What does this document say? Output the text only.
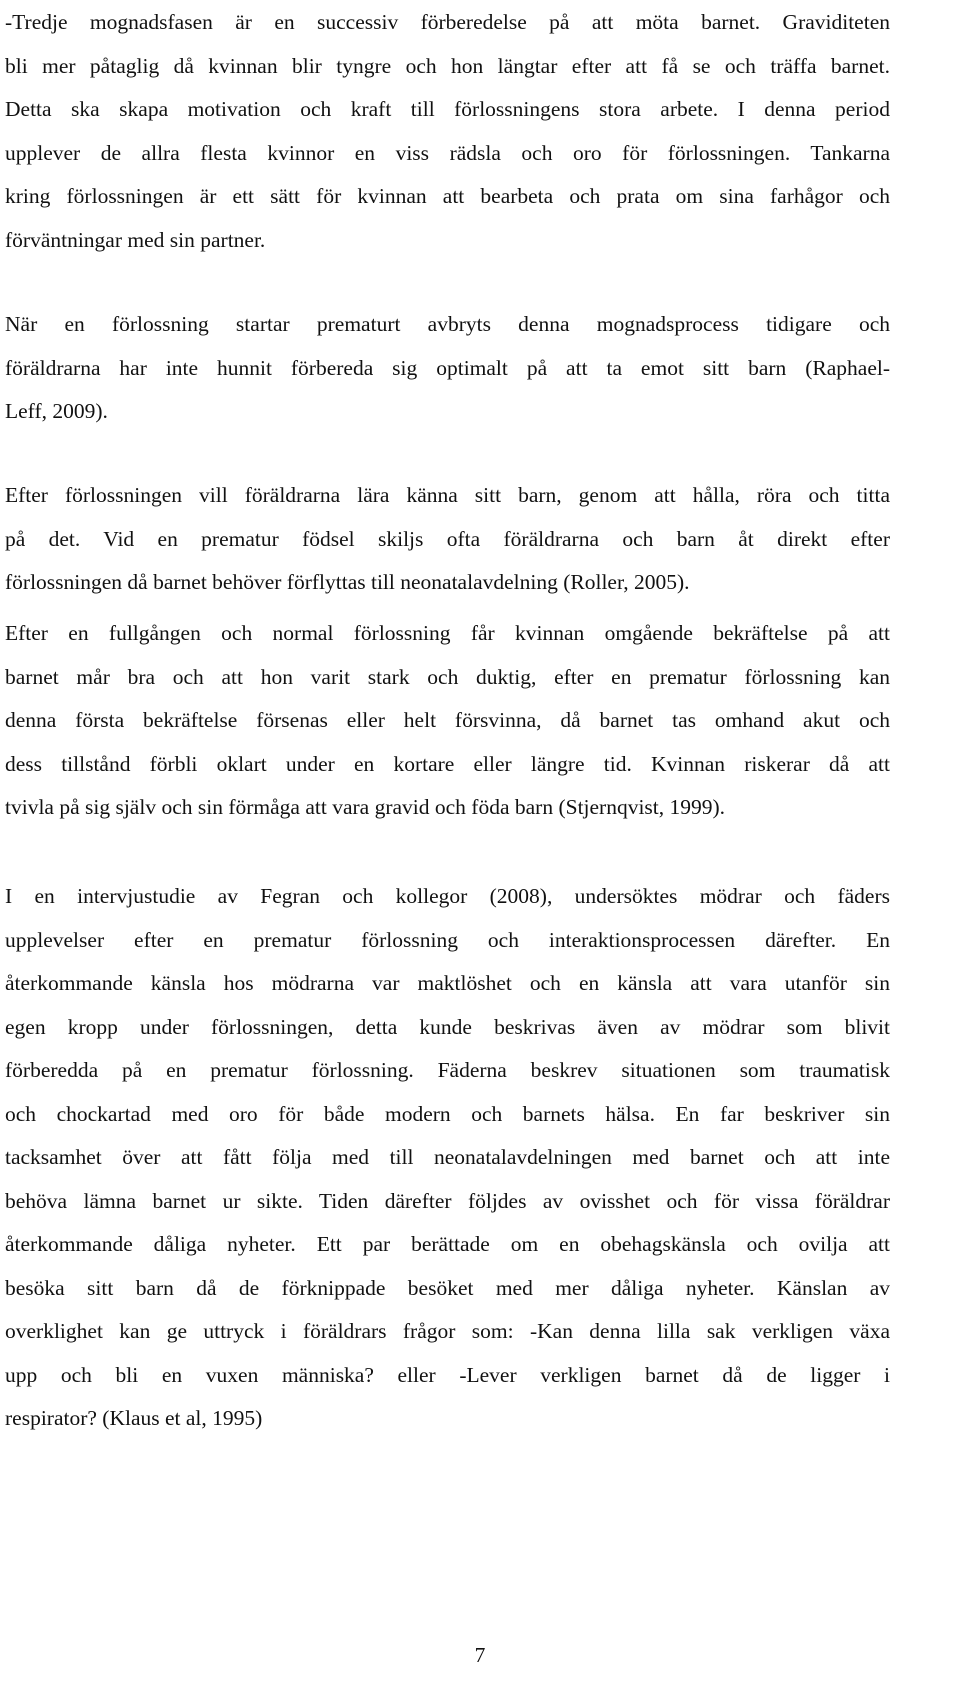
-Tredje mognadsfasen är en successiv förberedelse på att möta barnet. Graviditeten
bli mer påtaglig då kvinnan blir tyngre och hon längtar efter att få se och träffa barnet.
Detta ska skapa motivation och kraft till förlossningens stora arbete. I denna period
upplever de allra flesta kvinnor en viss rädsla och oro för förlossningen. Tankarna
kring förlossningen är ett sätt för kvinnan att bearbeta och prata om sina farhågor och
förväntningar med sin partner.
När en förlossning startar prematurt avbryts denna mognadsprocess tidigare och
föräldrarna har inte hunnit förbereda sig optimalt på att ta emot sitt barn (Raphael-
Leff, 2009).
Efter förlossningen vill föräldrarna lära känna sitt barn, genom att hålla, röra och titta
på det. Vid en prematur födsel skiljs ofta föräldrarna och barn åt direkt efter
förlossningen då barnet behöver förflyttas till neonatalavdelning (Roller, 2005).
Efter en fullgången och normal förlossning får kvinnan omgående bekräftelse på att
barnet mår bra och att hon varit stark och duktig, efter en prematur förlossning kan
denna första bekräftelse försenas eller helt försvinna, då barnet tas omhand akut och
dess tillstånd förbli oklart under en kortare eller längre tid. Kvinnan riskerar då att
tvivla på sig själv och sin förmåga att vara gravid och föda barn (Stjernqvist, 1999).
I en intervjustudie av Fegran och kollegor (2008), undersöktes mödrar och fäders
upplevelser efter en prematur förlossning och interaktionsprocessen därefter. En
återkommande känsla hos mödrarna var maktlöshet och en känsla att vara utanför sin
egen kropp under förlossningen, detta kunde beskrivas även av mödrar som blivit
förberedda på en prematur förlossning. Fäderna beskrev situationen som traumatisk
och chockartad med oro för både modern och barnets hälsa. En far beskriver sin
tacksamhet över att fått följa med till neonatalavdelningen med barnet och att inte
behöva lämna barnet ur sikte. Tiden därefter följdes av ovisshet och för vissa föräldrar
återkommande dåliga nyheter. Ett par berättade om en obehagskänsla och ovilja att
besöka sitt barn då de förknippade besöket med mer dåliga nyheter. Känslan av
overklighet kan ge uttryck i föräldrars frågor som: -Kan denna lilla sak verkligen växa
upp och bli en vuxen människa? eller -Lever verkligen barnet då de ligger i
respirator? (Klaus et al, 1995)
7
